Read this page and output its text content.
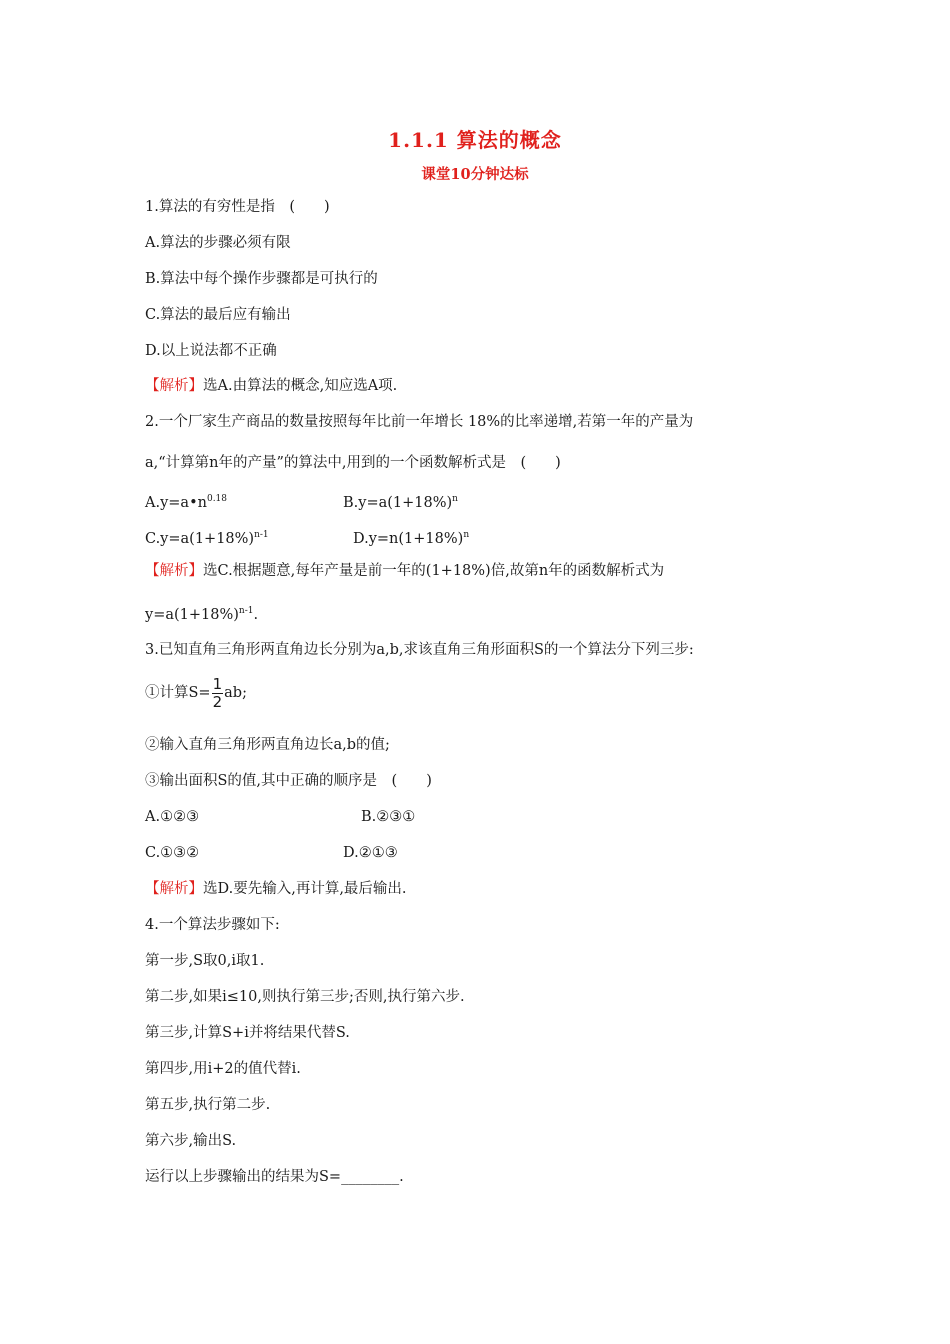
1.1.1 算法的概念
课堂10分钟达标
1.算法的有穷性是指　(　　)
A.算法的步骤必须有限
B.算法中每个操作步骤都是可执行的
C.算法的最后应有输出
D.以上说法都不正确
【解析】选A.由算法的概念,知应选A项.
2.一个厂家生产商品的数量按照每年比前一年增长 18%的比率递增,若第一年的产量为
a,“计算第n年的产量”的算法中,用到的一个函数解析式是　(　　)
$A.y=a•n^{0.18}$	$B.y=a(1+18\%)^n$
$C.y=a(1+18\%)^{n-1}$	$D.y=n(1+18\%)^n$
【解析】选C.根据题意,每年产量是前一年的(1+18%)倍,故第n年的函数解析式为
$y=a(1+18\%)^{n-1}$.
3.已知直角三角形两直角边长分别为a,b,求该直角三角形面积S的一个算法分下列三步:
①计算$S= \frac{1}{2}$ ab;
②输入直角三角形两直角边长a,b的值;
③输出面积S的值,其中正确的顺序是　(　　)
A.①②③	B.②③①
C.①③②	D.②①③
【解析】选D.要先输入,再计算,最后输出.
4.一个算法步骤如下:
第一步,S取0,i取1.
第二步,如果i≤10,则执行第三步;否则,执行第六步.
第三步,计算S+i并将结果代替S.
第四步,用i+2的值代替i.
第五步,执行第二步.
第六步,输出S.
运行以上步骤输出的结果为S=________.
